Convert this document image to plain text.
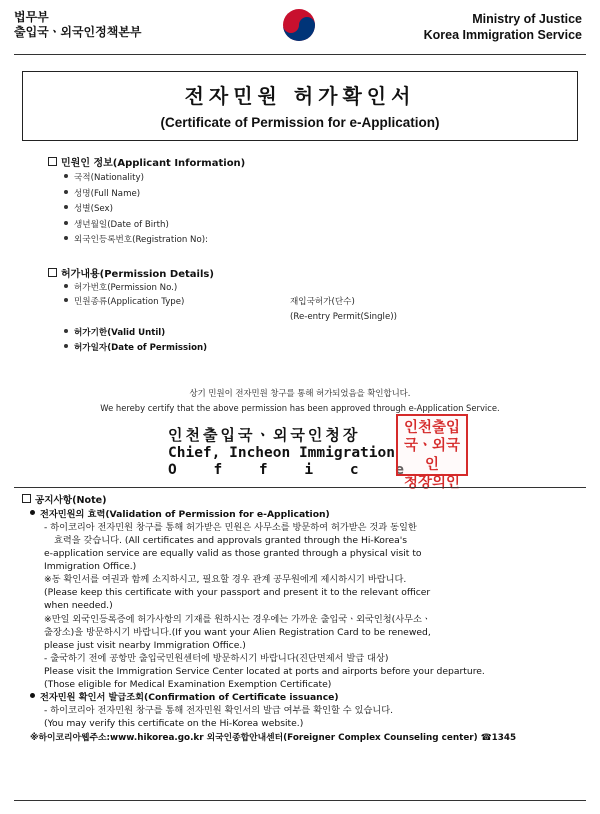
법무부
출입국ㆍ외국인정책본부
Ministry of Justice
Korea Immigration Service
전자민원 허가확인서
(Certificate of Permission for e-Application)
민원인 정보(Applicant Information)
국적(Nationality)
성명(Full Name)
성별(Sex)
생년월일(Date of Birth)
외국인등록번호(Registration No):
허가내용(Permission Details)
허가번호(Permission No.)
민원종류(Application Type)	재입국허가(단수)
(Re-entry Permit(Single))
허가기한(Valid Until)
허가일자(Date of Permission)
상기 민원이 전자민원 창구를 통해 허가되었음을 확인합니다.
We hereby certify that the above permission has been approved through e-Application Service.
인천출입국ㆍ외국인청장
Chief, Incheon Immigration
O f f i c e
인천출입
국ㆍ외국인
청장의인
공지사항(Note)

전자민원의 효력(Validation of Permission for e-Application)

- 하이코리아 전자민원 창구를 통해 허가받은 민원은 사무소를 방문하여 허가받은 것과 동일한

효력을 갖습니다. (All certificates and approvals granted through the Hi-Korea's

e-application service are equally valid as those granted through a physical visit to

Immigration Office.)

※동 확인서를 여권과 함께 소지하시고, 필요할 경우 관계 공무원에게 제시하시기 바랍니다.

(Please keep this certificate with your passport and present it to the relevant officer

when needed.)

※만일 외국인등록증에 허가사항의 기재를 원하시는 경우에는 가까운 출입국ㆍ외국인청(사무소ㆍ

출장소)을 방문하시기 바랍니다.(If you want your Alien Registration Card to be renewed,

please just visit nearby Immigration Office.)

- 출국하기 전에 공항만 출입국민원센터에 방문하시기 바랍니다(진단면제서 발급 대상)

Please visit the Immigration Service Center located at ports and airports before your departure.

(Those eligible for Medical Examination Exemption Certificate)

전자민원 확인서 발급조회(Confirmation of Certificate issuance)

- 하이코리아 전자민원 창구를 통해 전자민원 확인서의 발급 여부를 확인할 수 있습니다.

(You may verify this certificate on the Hi-Korea website.)

※하이코리아웹주소:www.hikorea.go.kr 외국인종합안내센터(Foreigner Complex Counseling center) ☎1345
